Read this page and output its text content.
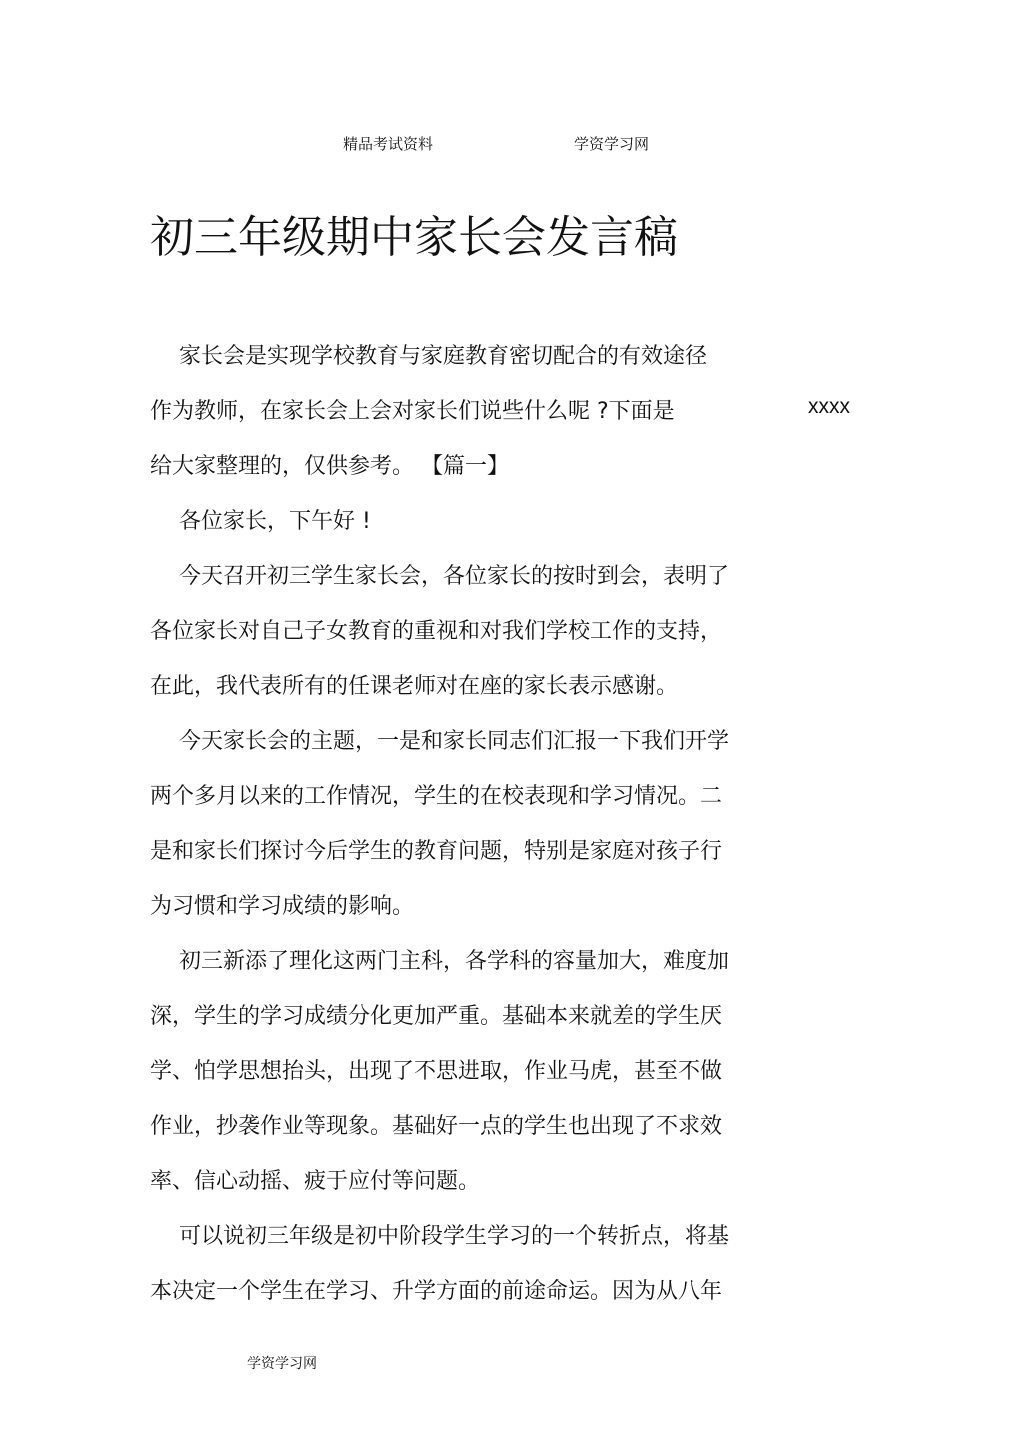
精品考试资料	学资学习网
初三年级期中家长会发言稿
家长会是实现学校教育与家庭教育密切配合的有效途径
作为教师，在家长会上会对家长们说些什么呢 ?下面是
给大家整理的，仅供参考。 【篇一】
各位家长，下午好 !
今天召开初三学生家长会，各位家长的按时到会，表明了
各位家长对自己子女教育的重视和对我们学校工作的支持，
在此，我代表所有的任课老师对在座的家长表示感谢。
今天家长会的主题，一是和家长同志们汇报一下我们开学
两个多月以来的工作情况，学生的在校表现和学习情况。二
是和家长们探讨今后学生的教育问题，特别是家庭对孩子行
为习惯和学习成绩的影响。
初三新添了理化这两门主科，各学科的容量加大，难度加
深，学生的学习成绩分化更加严重。基础本来就差的学生厌
学、怕学思想抬头，出现了不思进取，作业马虎，甚至不做
作业，抄袭作业等现象。基础好一点的学生也出现了不求效
率、信心动摇、疲于应付等问题。
可以说初三年级是初中阶段学生学习的一个转折点，将基
本决定一个学生在学习、升学方面的前途命运。因为从八年
xxxx
学资学习网
